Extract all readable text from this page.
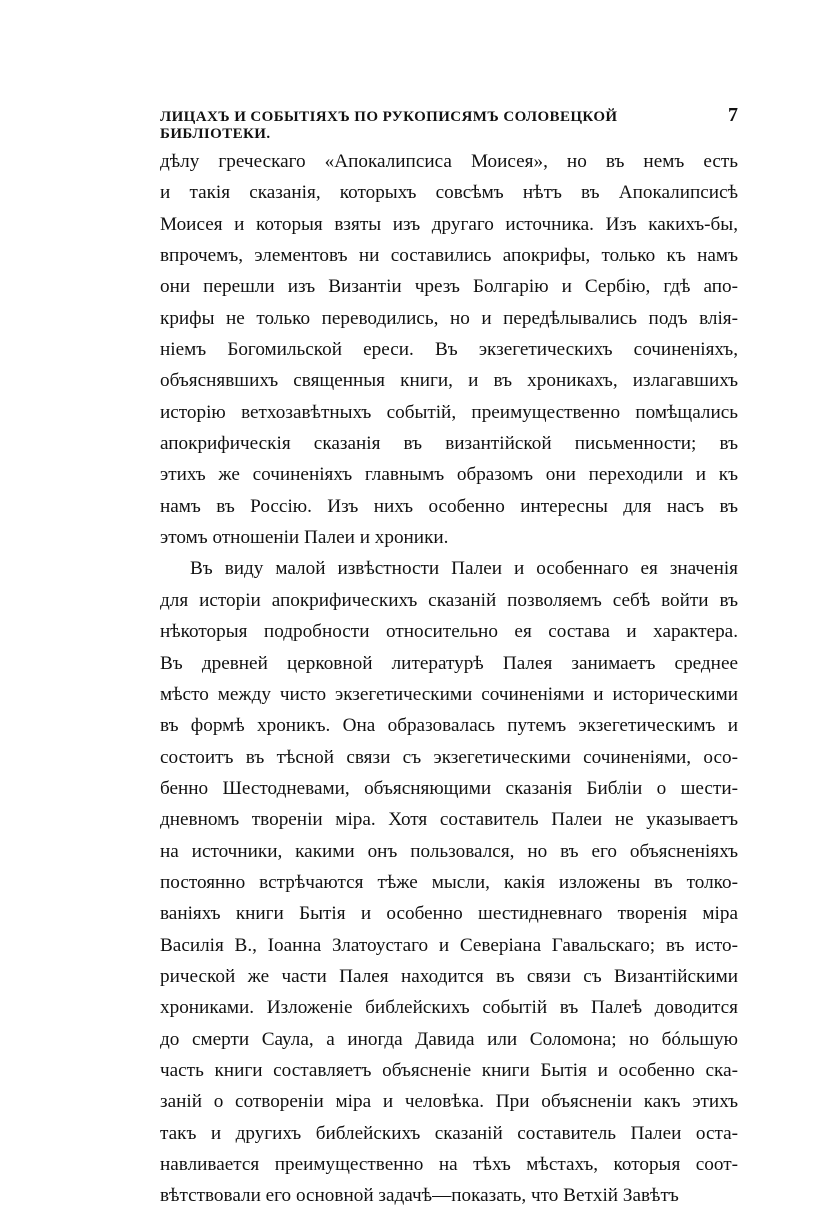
ЛИЦАХЪ И СОБЫТІЯХЪ ПО РУКОПИСЯМЪ СОЛОВЕЦКОЙ БИБЛІОТЕКИ.
7
дѣлу греческаго «Апокалипсиса Моисея», но въ немъ есть
и такія сказанія, которыхъ совсѣмъ нѣтъ въ Апокалипсисѣ
Моисея и которыя взяты изъ другаго источника. Изъ какихъ-бы,
впрочемъ, элементовъ ни составились апокрифы, только къ намъ
они перешли изъ Византіи чрезъ Болгарію и Сербію, гдѣ апо-
крифы не только переводились, но и передѣлывались подъ влія-
ніемъ Богомильской ереси. Въ экзегетическихъ сочиненіяхъ,
объяснявшихъ священныя книги, и въ хроникахъ, излагавшихъ
исторію ветхозавѣтныхъ событій, преимущественно помѣщались
апокрифическія сказанія въ византійской письменности; въ
этихъ же сочиненіяхъ главнымъ образомъ они переходили и къ
намъ въ Россію. Изъ нихъ особенно интересны для насъ въ
этомъ отношеніи Палеи и хроники.
Въ виду малой извѣстности Палеи и особеннаго ея значенія
для исторіи апокрифическихъ сказаній позволяемъ себѣ войти въ
нѣкоторыя подробности относительно ея состава и характера.
Въ древней церковной литературѣ Палея занимаетъ среднее
мѣсто между чисто экзегетическими сочиненіями и историческими
въ формѣ хроникъ. Она образовалась путемъ экзегетическимъ и
состоитъ въ тѣсной связи съ экзегетическими сочиненіями, осо-
бенно Шестодневами, объясняющими сказанія Библіи о шести-
дневномъ твореніи міра. Хотя составитель Палеи не указываетъ
на источники, какими онъ пользовался, но въ его объясненіяхъ
постоянно встрѣчаются тѣже мысли, какія изложены въ толко-
ваніяхъ книги Бытія и особенно шестидневнаго творенія міра
Василія В., Іоанна Златоустаго и Северіана Гавальскаго; въ исто-
рической же части Палея находится въ связи съ Византійскими
хрониками. Изложеніе библейскихъ событій въ Палеѣ доводится
до смерти Саула, а иногда Давида или Соломона; но бóльшую
часть книги составляетъ объясненіе книги Бытія и особенно ска-
заній о сотвореніи міра и человѣка. При объясненіи какъ этихъ
такъ и другихъ библейскихъ сказаній составитель Палеи оста-
навливается преимущественно на тѣхъ мѣстахъ, которыя соот-
вѣтствовали его основной задачѣ—показать, что Ветхій Завѣтъ
